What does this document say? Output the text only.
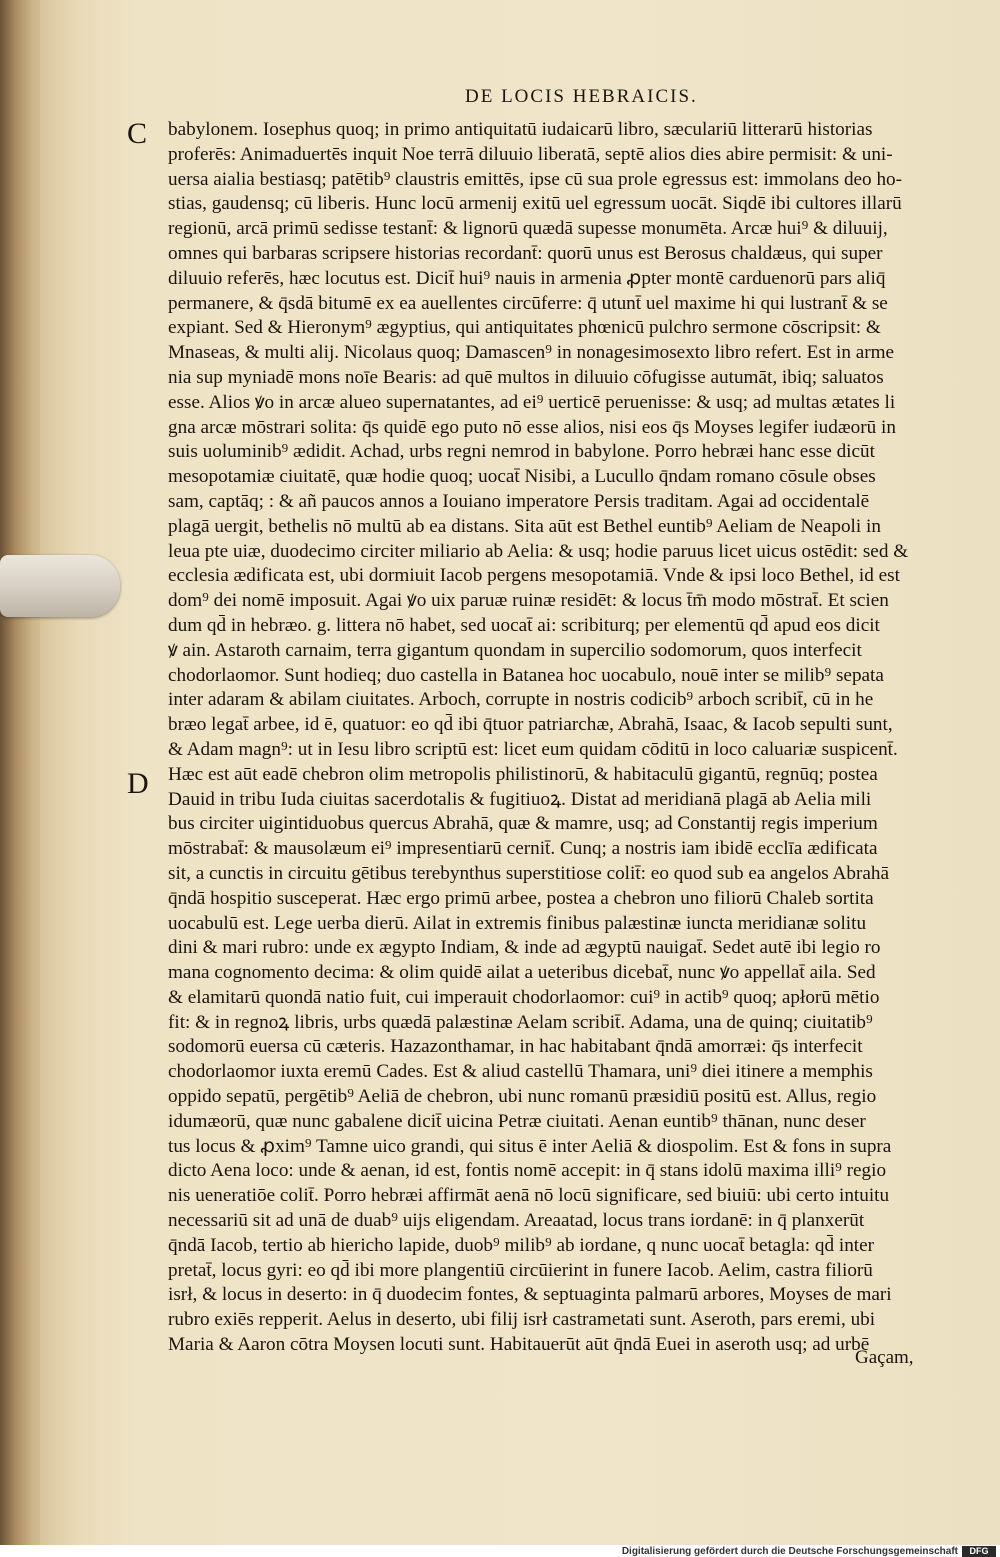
DE LOCIS HEBRAICIS.
C
D
babylonem. Iosephus quoq; in primo antiquitatū iudaicarū libro, sæculariū litterarū historias
proferēs: Animaduertēs inquit Noe terrā diluuio liberatā, septē alios dies abire permisit: & uni-
uersa aialia bestiasq; patētib⁹ claustris emittēs, ipse cū sua prole egressus est: immolans deo ho-
stias, gaudensq; cū liberis. Hunc locū armenij exitū uel egressum uocāt. Siqdē ibi cultores illarū
regionū, arcā primū sedisse testant̄: & lignorū quædā supesse monumēta. Arcæ hui⁹ & diluuij,
omnes qui barbaras scripsere historias recordant̄: quorū unus est Berosus chaldæus, qui super
diluuio referēs, hæc locutus est. Dicit̄ hui⁹ nauis in armenia ꝓpter montē carduenorū pars aliq̄
permanere, & q̄sdā bitumē ex ea auellentes circūferre: q̄ utunt̄ uel maxime hi qui lustrant̄ & se
expiant. Sed & Hieronym⁹ ægyptius, qui antiquitates phœnicū pulchro sermone cōscripsit: &
Mnaseas, & multi alij. Nicolaus quoq; Damascen⁹ in nonagesimosexto libro refert. Est in arme
nia sup myniadē mons noīe Bearis: ad quē multos in diluuio cōfugisse autumāt, ibiq; saluatos
esse. Alios ꝟo in arcæ alueo supernatantes, ad ei⁹ uerticē peruenisse: & usq; ad multas ætates li
gna arcæ mōstrari solita: q̄s quidē ego puto nō esse alios, nisi eos q̄s Moyses legifer iudæorū in
suis uoluminib⁹ ædidit. Achad, urbs regni nemrod in babylone. Porro hebræi hanc esse dicūt
mesopotamiæ ciuitatē, quæ hodie quoq; uocat̄ Nisibi, a Lucullo q̄ndam romano cōsule obses
sam, captāq; : & añ paucos annos a Iouiano imperatore Persis traditam. Agai ad occidentalē
plagā uergit, bethelis nō multū ab ea distans. Sita aūt est Bethel euntib⁹ Aeliam de Neapoli in
leua pte uiæ, duodecimo circiter miliario ab Aelia: & usq; hodie paruus licet uicus ostēdit: sed &
ecclesia ædificata est, ubi dormiuit Iacob pergens mesopotamiā. Vnde & ipsi loco Bethel, id est
dom⁹ dei nomē imposuit. Agai ꝟo uix paruæ ruinæ residēt: & locus t̄m̄ modo mōstrat̄. Et scien
dum qd̄ in hebræo. g. littera nō habet, sed uocat̄ ai: scribiturq; per elementū qd̄ apud eos dicit
ꝟ ain. Astaroth carnaim, terra gigantum quondam in supercilio sodomorum, quos interfecit
chodorlaomor. Sunt hodieq; duo castella in Batanea hoc uocabulo, nouē inter se milib⁹ sepata
inter adaram & abilam ciuitates. Arboch, corrupte in nostris codicib⁹ arboch scribit̄, cū in he
bræo legat̄ arbee, id ē, quatuor: eo qd̄ ibi q̄tuor patriarchæ, Abrahā, Isaac, & Iacob sepulti sunt,
& Adam magn⁹: ut in Iesu libro scriptū est: licet eum quidam cōditū in loco caluariæ suspicent̄.
Hæc est aūt eadē chebron olim metropolis philistinorū, & habitaculū gigantū, regnūq; postea
Dauid in tribu Iuda ciuitas sacerdotalis & fugitiuoꝝ. Distat ad meridianā plagā ab Aelia mili
bus circiter uigintiduobus quercus Abrahā, quæ & mamre, usq; ad Constantij regis imperium
mōstrabat̄: & mausolæum ei⁹ impresentiarū cernit̄. Cunq; a nostris iam ibidē ecclīa ædificata
sit, a cunctis in circuitu gētibus terebynthus superstitiose colit̄: eo quod sub ea angelos Abrahā
q̄ndā hospitio susceperat. Hæc ergo primū arbee, postea a chebron uno filiorū Chaleb sortita
uocabulū est. Lege uerba dierū. Ailat in extremis finibus palæstinæ iuncta meridianæ solitu
dini & mari rubro: unde ex ægypto Indiam, & inde ad ægyptū nauigat̄. Sedet autē ibi legio ro
mana cognomento decima: & olim quidē ailat a ueteribus dicebat̄, nunc ꝟo appellat̄ aila. Sed
& elamitarū quondā natio fuit, cui imperauit chodorlaomor: cui⁹ in actib⁹ quoq; apłorū mētio
fit: & in regnoꝝ libris, urbs quædā palæstinæ Aelam scribit̄. Adama, una de quinq; ciuitatib⁹
sodomorū euersa cū cæteris. Hazazonthamar, in hac habitabant q̄ndā amorræi: q̄s interfecit
chodorlaomor iuxta eremū Cades. Est & aliud castellū Thamara, uni⁹ diei itinere a memphis
oppido sepatū, pergētib⁹ Aeliā de chebron, ubi nunc romanū præsidiū positū est. Allus, regio
idumæorū, quæ nunc gabalene dicit̄ uicina Petræ ciuitati. Aenan euntib⁹ thānan, nunc deser
tus locus & ꝓxim⁹ Tamne uico grandi, qui situs ē inter Aeliā & diospolim. Est & fons in supra
dicto Aena loco: unde & aenan, id est, fontis nomē accepit: in q̄ stans idolū maxima illi⁹ regio
nis ueneratiōe colit̄. Porro hebræi affirmāt aenā nō locū significare, sed biuiū: ubi certo intuitu
necessariū sit ad unā de duab⁹ uijs eligendam. Areaatad, locus trans iordanē: in q̄ planxerūt
q̄ndā Iacob, tertio ab hiericho lapide, duob⁹ milib⁹ ab iordane, q nunc uocat̄ betagla: qd̄ inter
pretat̄, locus gyri: eo qd̄ ibi more plangentiū circūierint in funere Iacob. Aelim, castra filiorū
isrł, & locus in deserto: in q̄ duodecim fontes, & septuaginta palmarū arbores, Moyses de mari
rubro exiēs repperit. Aelus in deserto, ubi filij isrł castrametati sunt. Aseroth, pars eremi, ubi
Maria & Aaron cōtra Moysen locuti sunt. Habitauerūt aūt q̄ndā Euei in aseroth usq; ad urbē
Gaçam,
Digitalisierung gefördert durch die Deutsche Forschungsgemeinschaft	DFG
